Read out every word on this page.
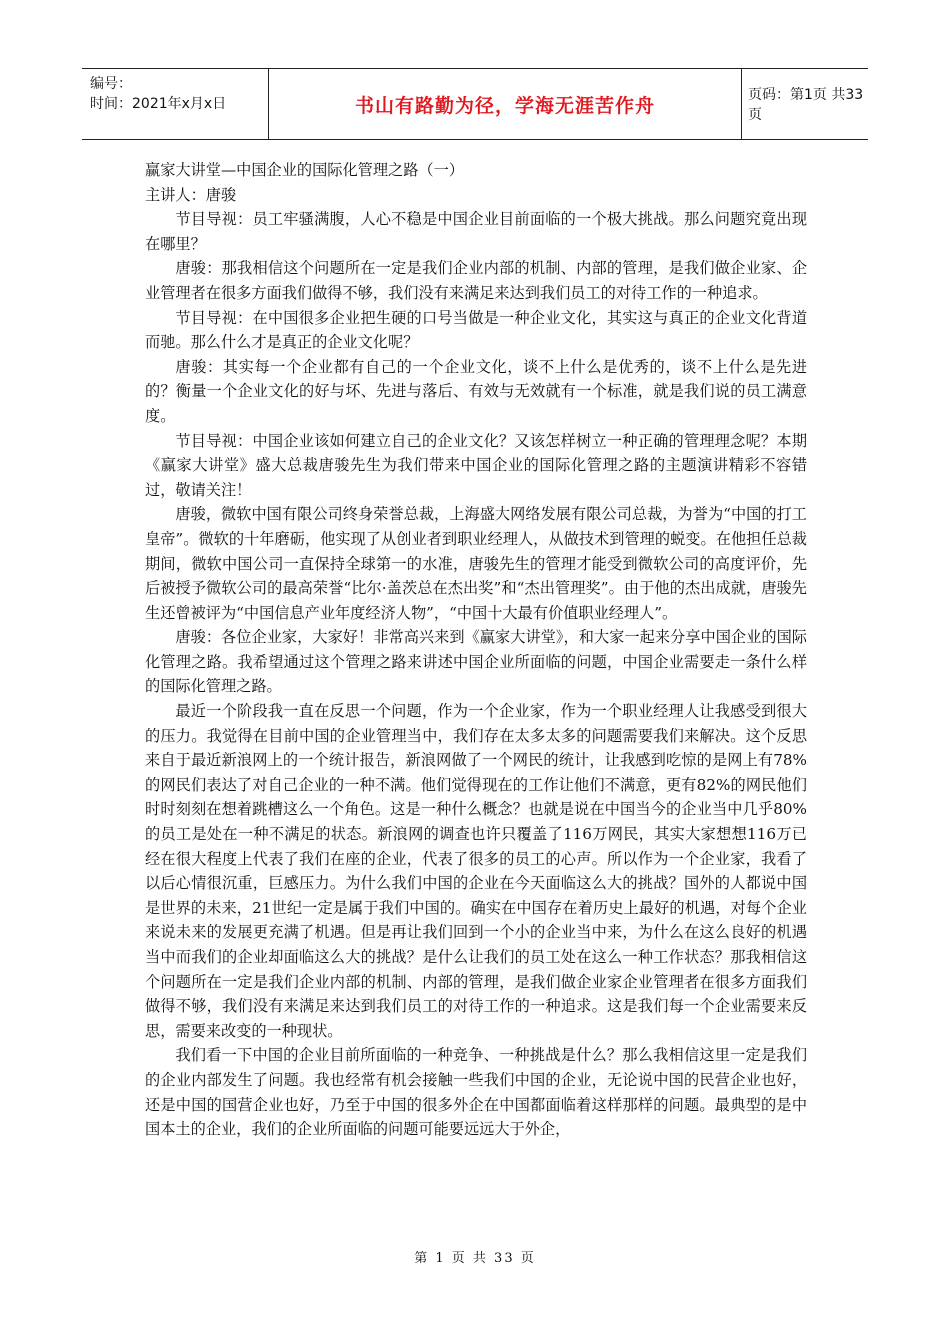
编号：
时间：2021年x月x日	书山有路勤为径，学海无涯苦作舟	页码：第1页 共33页

赢家大讲堂—中国企业的国际化管理之路（一）

主讲人：唐骏

节目导视：员工牢骚满腹，人心不稳是中国企业目前面临的一个极大挑战。那么问题究竟出现在哪里？

唐骏：那我相信这个问题所在一定是我们企业内部的机制、内部的管理，是我们做企业家、企业管理者在很多方面我们做得不够，我们没有来满足来达到我们员工的对待工作的一种追求。

节目导视：在中国很多企业把生硬的口号当做是一种企业文化，其实这与真正的企业文化背道而驰。那么什么才是真正的企业文化呢？

唐骏：其实每一个企业都有自己的一个企业文化，谈不上什么是优秀的，谈不上什么是先进的？衡量一个企业文化的好与坏、先进与落后、有效与无效就有一个标准，就是我们说的员工满意度。

节目导视：中国企业该如何建立自己的企业文化？又该怎样树立一种正确的管理理念呢？本期《赢家大讲堂》盛大总裁唐骏先生为我们带来中国企业的国际化管理之路的主题演讲精彩不容错过，敬请关注！

唐骏，微软中国有限公司终身荣誉总裁，上海盛大网络发展有限公司总裁，为誉为“中国的打工皇帝”。微软的十年磨砺，他实现了从创业者到职业经理人，从做技术到管理的蜕变。在他担任总裁期间，微软中国公司一直保持全球第一的水准，唐骏先生的管理才能受到微软公司的高度评价，先后被授予微软公司的最高荣誉“比尔·盖茨总在杰出奖”和“杰出管理奖”。由于他的杰出成就，唐骏先生还曾被评为“中国信息产业年度经济人物”，“中国十大最有价值职业经理人”。

唐骏：各位企业家，大家好！非常高兴来到《赢家大讲堂》，和大家一起来分享中国企业的国际化管理之路。我希望通过这个管理之路来讲述中国企业所面临的问题，中国企业需要走一条什么样的国际化管理之路。

最近一个阶段我一直在反思一个问题，作为一个企业家，作为一个职业经理人让我感受到很大的压力。我觉得在目前中国的企业管理当中，我们存在太多太多的问题需要我们来解决。这个反思来自于最近新浪网上的一个统计报告，新浪网做了一个网民的统计，让我感到吃惊的是网上有78%的网民们表达了对自己企业的一种不满。他们觉得现在的工作让他们不满意，更有82%的网民他们时时刻刻在想着跳槽这么一个角色。这是一种什么概念？也就是说在中国当今的企业当中几乎80%的员工是处在一种不满足的状态。新浪网的调查也许只覆盖了116万网民，其实大家想想116万已经在很大程度上代表了我们在座的企业，代表了很多的员工的心声。所以作为一个企业家，我看了以后心情很沉重，巨感压力。为什么我们中国的企业在今天面临这么大的挑战？国外的人都说中国是世界的未来，21世纪一定是属于我们中国的。确实在中国存在着历史上最好的机遇，对每个企业来说未来的发展更充满了机遇。但是再让我们回到一个小的企业当中来，为什么在这么良好的机遇当中而我们的企业却面临这么大的挑战？是什么让我们的员工处在这么一种工作状态？那我相信这个问题所在一定是我们企业内部的机制、内部的管理，是我们做企业家企业管理者在很多方面我们做得不够，我们没有来满足来达到我们员工的对待工作的一种追求。这是我们每一个企业需要来反思，需要来改变的一种现状。

我们看一下中国的企业目前所面临的一种竞争、一种挑战是什么？那么我相信这里一定是我们的企业内部发生了问题。我也经常有机会接触一些我们中国的企业，无论说中国的民营企业也好，还是中国的国营企业也好，乃至于中国的很多外企在中国都面临着这样那样的问题。最典型的是中国本土的企业，我们的企业所面临的问题可能要远远大于外企，

第 1 页 共 33 页
